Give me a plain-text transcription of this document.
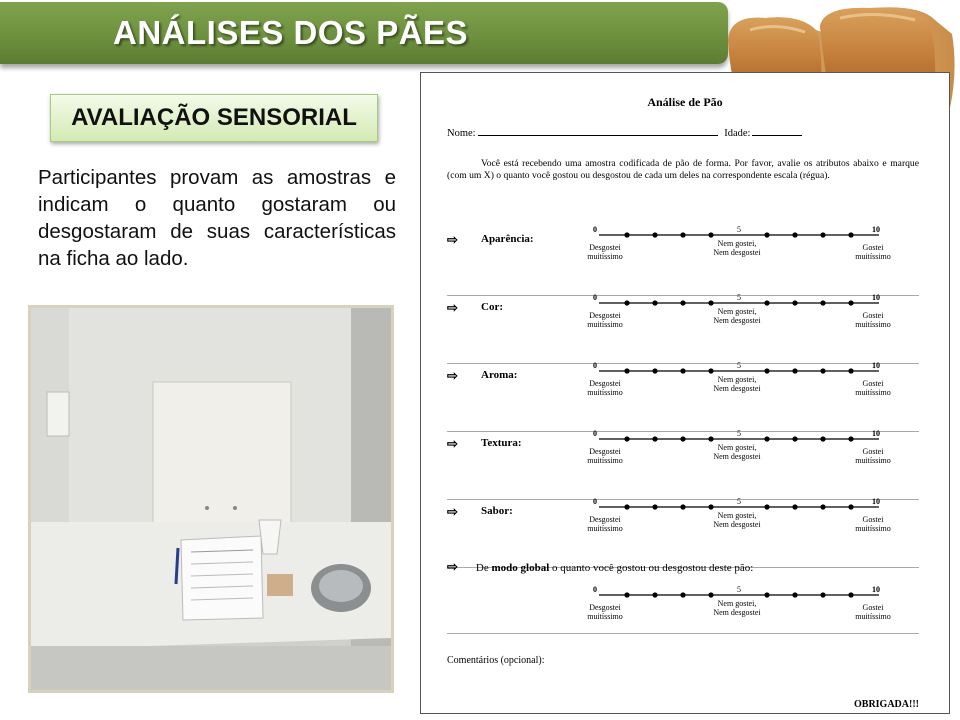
ANÁLISES DOS PÃES
AVALIAÇÃO SENSORIAL
Participantes provam as amostras e indicam o quanto gostaram ou desgostaram de suas características na ficha ao lado.
Análise de Pão
Nome:	Idade:
Você está recebendo uma amostra codificada de pão de forma. Por favor, avalie os atributos abaixo e marque (com um X) o quanto você gostou ou desgostou de cada um deles na correspondente escala (régua).
⇨ Aparência:
0	5	10
Desgostei
muitíssimo
Nem gostei,
Nem desgostei
Gostei
muitíssimo
⇨ Cor:
0	5	10
Desgostei
muitíssimo
Nem gostei,
Nem desgostei
Gostei
muitíssimo
⇨ Aroma:
0	5	10
Desgostei
muitíssimo
Nem gostei,
Nem desgostei
Gostei
muitíssimo
⇨ Textura:
0	5	10
Desgostei
muitíssimo
Nem gostei,
Nem desgostei
Gostei
muitíssimo
⇨ Sabor:
0	5	10
Desgostei
muitíssimo
Nem gostei,
Nem desgostei
Gostei
muitíssimo
⇨ De modo global o quanto você gostou ou desgostou deste pão:
0	5	10
Desgostei
muitíssimo
Nem gostei,
Nem desgostei
Gostei
muitíssimo
Comentários (opcional):
OBRIGADA!!!
